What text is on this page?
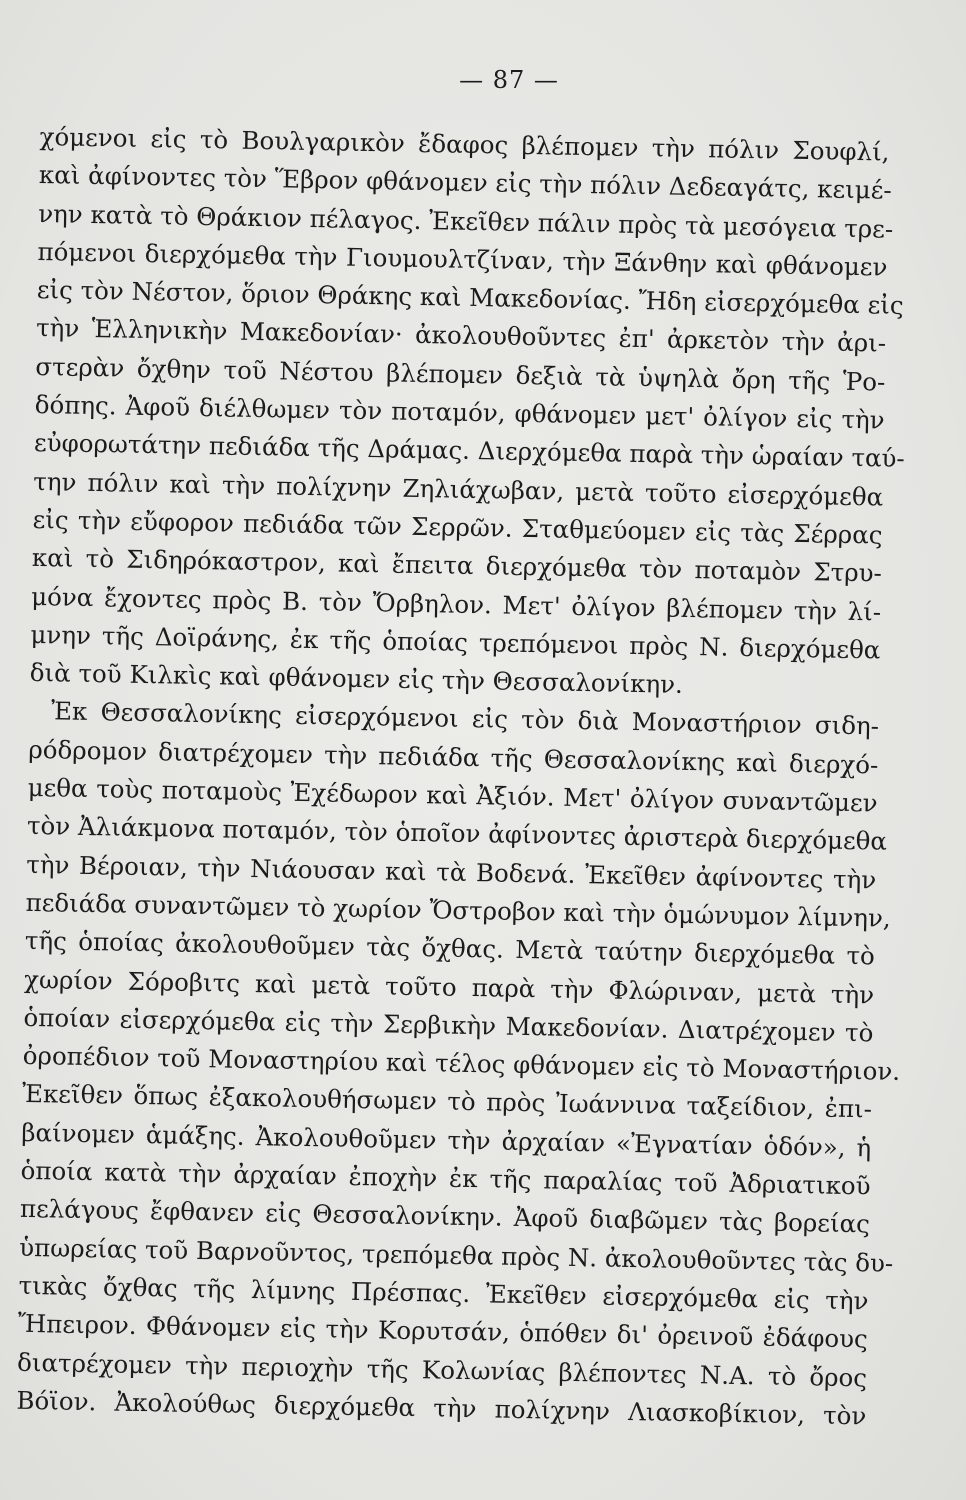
— 87 —
χόμενοι εἰς τὸ Βουλγαρικὸν ἔδαφος βλέπομεν τὴν πόλιν Σουφλί,
καὶ ἀφίνοντες τὸν Ἕβρον φθάνομεν εἰς τὴν πόλιν Δεδεαγάτς, κειμέ-
νην κατὰ τὸ Θράκιον πέλαγος. Ἐκεῖθεν πάλιν πρὸς τὰ μεσόγεια τρε-
πόμενοι διερχόμεθα τὴν Γιουμουλτζίναν, τὴν Ξάνθην καὶ φθάνομεν
εἰς τὸν Νέστον, ὅριον Θράκης καὶ Μακεδονίας. Ἤδη εἰσερχόμεθα εἰς
τὴν Ἑλληνικὴν Μακεδονίαν· ἀκολουθοῦντες ἐπ' ἀρκετὸν τὴν ἀρι-
στερὰν ὄχθην τοῦ Νέστου βλέπομεν δεξιὰ τὰ ὑψηλὰ ὄρη τῆς Ῥο-
δόπης. Ἀφοῦ διέλθωμεν τὸν ποταμόν, φθάνομεν μετ' ὀλίγον εἰς τὴν
εὐφορωτάτην πεδιάδα τῆς Δράμας. Διερχόμεθα παρὰ τὴν ὡραίαν ταύ-
την πόλιν καὶ τὴν πολίχνην Ζηλιάχωβαν, μετὰ τοῦτο εἰσερχόμεθα
εἰς τὴν εὔφορον πεδιάδα τῶν Σερρῶν. Σταθμεύομεν εἰς τὰς Σέρρας
καὶ τὸ Σιδηρόκαστρον, καὶ ἔπειτα διερχόμεθα τὸν ποταμὸν Στρυ-
μόνα ἔχοντες πρὸς Β. τὸν Ὄρβηλον. Μετ' ὀλίγον βλέπομεν τὴν λί-
μνην τῆς Δοϊράνης, ἐκ τῆς ὁποίας τρεπόμενοι πρὸς Ν. διερχόμεθα
διὰ τοῦ Κιλκὶς καὶ φθάνομεν εἰς τὴν Θεσσαλονίκην.
Ἐκ Θεσσαλονίκης εἰσερχόμενοι εἰς τὸν διὰ Μοναστήριον σιδη-
ρόδρομον διατρέχομεν τὴν πεδιάδα τῆς Θεσσαλονίκης καὶ διερχό-
μεθα τοὺς ποταμοὺς Ἐχέδωρον καὶ Ἀξιόν. Μετ' ὀλίγον συναντῶμεν
τὸν Ἀλιάκμονα ποταμόν, τὸν ὁποῖον ἀφίνοντες ἀριστερὰ διερχόμεθα
τὴν Βέροιαν, τὴν Νιάουσαν καὶ τὰ Βοδενά. Ἐκεῖθεν ἀφίνοντες τὴν
πεδιάδα συναντῶμεν τὸ χωρίον Ὄστροβον καὶ τὴν ὁμώνυμον λίμνην,
τῆς ὁποίας ἀκολουθοῦμεν τὰς ὄχθας. Μετὰ ταύτην διερχόμεθα τὸ
χωρίον Σόροβιτς καὶ μετὰ τοῦτο παρὰ τὴν Φλώριναν, μετὰ τὴν
ὁποίαν εἰσερχόμεθα εἰς τὴν Σερβικὴν Μακεδονίαν. Διατρέχομεν τὸ
ὀροπέδιον τοῦ Μοναστηρίου καὶ τέλος φθάνομεν εἰς τὸ Μοναστήριον.
Ἐκεῖθεν ὅπως ἐξακολουθήσωμεν τὸ πρὸς Ἰωάννινα ταξείδιον, ἐπι-
βαίνομεν ἁμάξης. Ἀκολουθοῦμεν τὴν ἀρχαίαν «Ἐγνατίαν ὁδόν», ἡ
ὁποία κατὰ τὴν ἀρχαίαν ἐποχὴν ἐκ τῆς παραλίας τοῦ Ἀδριατικοῦ
πελάγους ἔφθανεν εἰς Θεσσαλονίκην. Ἀφοῦ διαβῶμεν τὰς βορείας
ὑπωρείας τοῦ Βαρνοῦντος, τρεπόμεθα πρὸς Ν. ἀκολουθοῦντες τὰς δυ-
τικὰς ὄχθας τῆς λίμνης Πρέσπας. Ἐκεῖθεν εἰσερχόμεθα εἰς τὴν
Ἤπειρον. Φθάνομεν εἰς τὴν Κορυτσάν, ὁπόθεν δι' ὀρεινοῦ ἐδάφους
διατρέχομεν τὴν περιοχὴν τῆς Κολωνίας βλέποντες Ν.Α. τὸ ὄρος
Βόϊον. Ἀκολούθως διερχόμεθα τὴν πολίχνην Λιασκοβίκιον, τὸν
